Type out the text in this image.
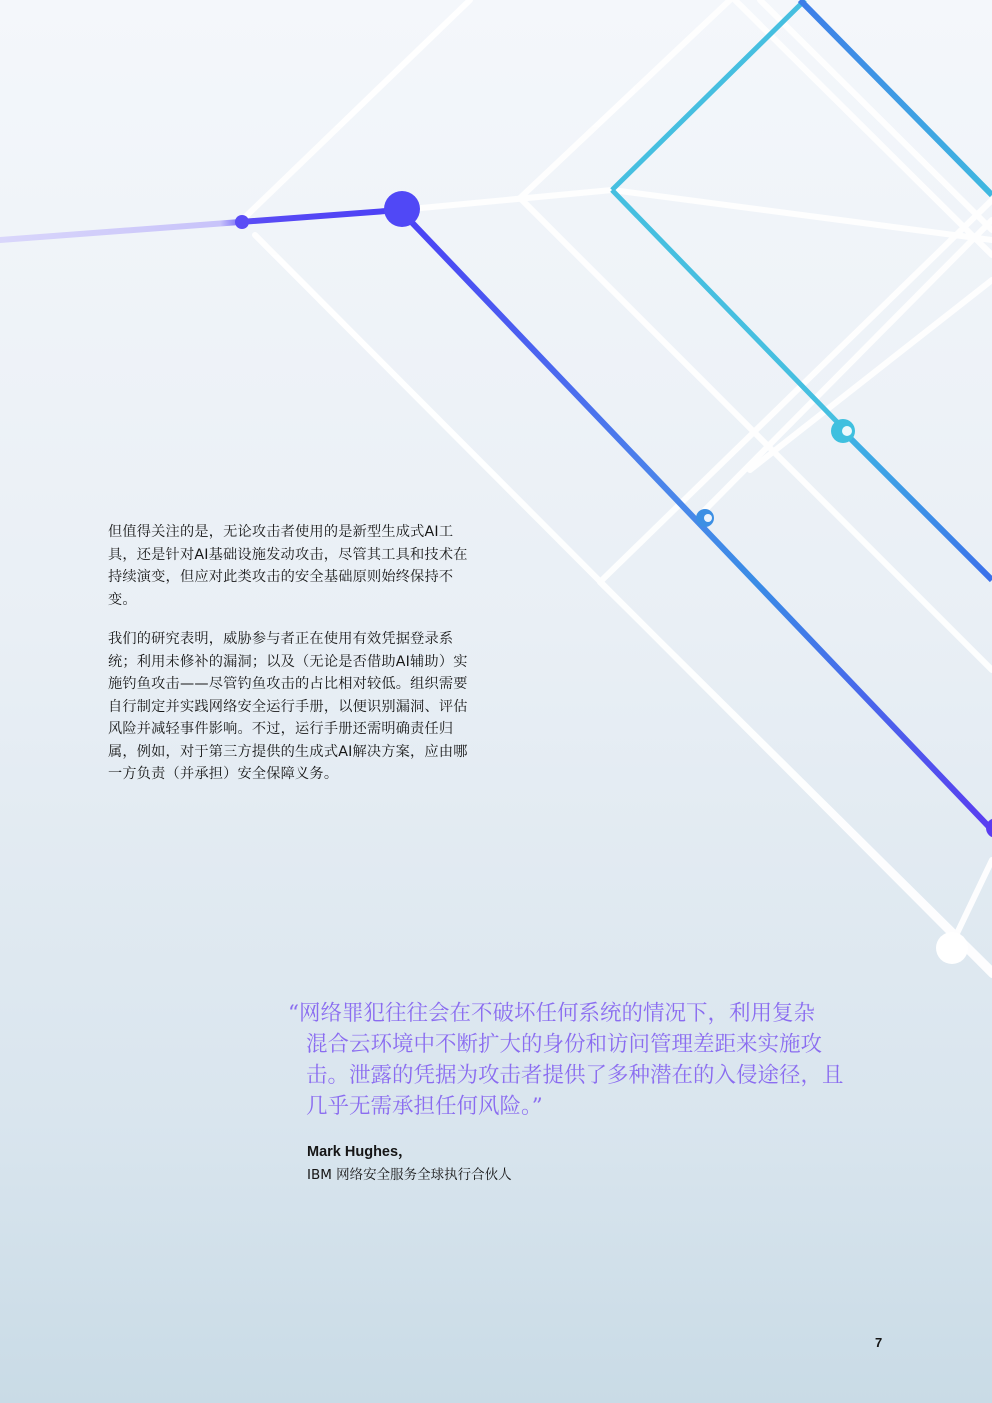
但值得关注的是，无论攻击者使用的是新型生成式AI工具，还是针对AI基础设施发动攻击，尽管其工具和技术在持续演变，但应对此类攻击的安全基础原则始终保持不变。

我们的研究表明，威胁参与者正在使用有效凭据登录系统；利用未修补的漏洞；以及（无论是否借助AI辅助）实施钓鱼攻击——尽管钓鱼攻击的占比相对较低。组织需要自行制定并实践网络安全运行手册，以便识别漏洞、评估风险并减轻事件影响。不过，运行手册还需明确责任归属，例如，对于第三方提供的生成式AI解决方案，应由哪一方负责（并承担）安全保障义务。

“网络罪犯往往会在不破坏任何系统的情况下，利用复杂
混合云环境中不断扩大的身份和访问管理差距来实施攻
击。泄露的凭据为攻击者提供了多种潜在的入侵途径，且
几乎无需承担任何风险。”

Mark Hughes，
IBM 网络安全服务全球执行合伙人
7
